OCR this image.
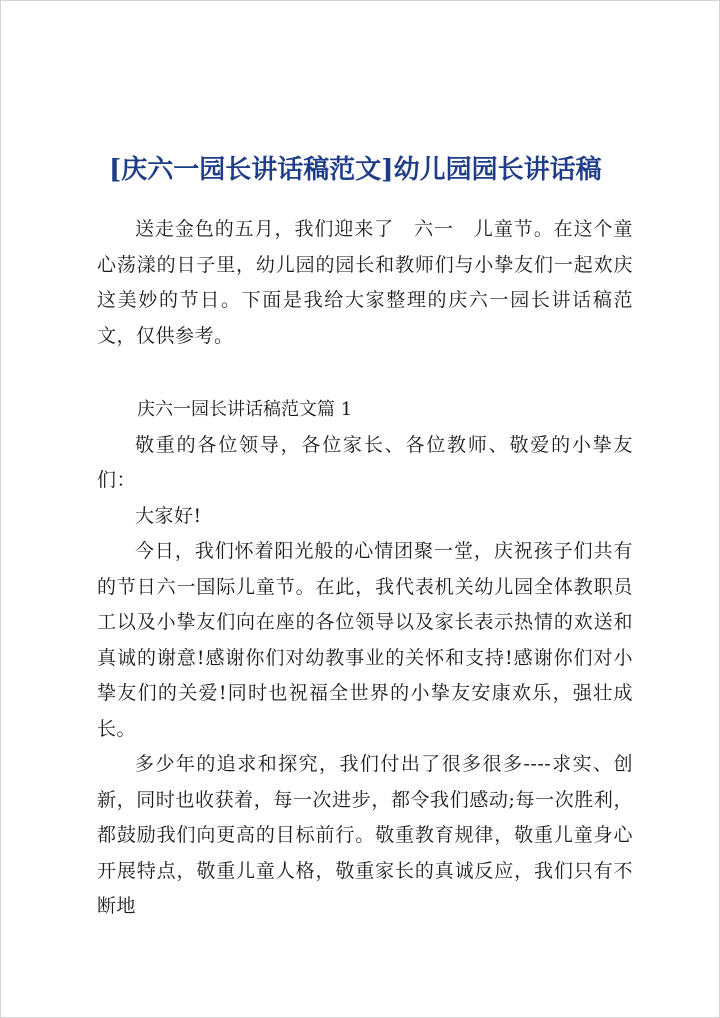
[庆六一园长讲话稿范文]幼儿园园长讲话稿

送走金色的五月，我们迎来了　六一　儿童节。在这个童心荡漾的日子里，幼儿园的园长和教师们与小挚友们一起欢庆这美妙的节日。下面是我给大家整理的庆六一园长讲话稿范文，仅供参考。

庆六一园长讲话稿范文篇 1

敬重的各位领导，各位家长、各位教师、敬爱的小挚友们：

大家好!

今日，我们怀着阳光般的心情团聚一堂，庆祝孩子们共有的节日六一国际儿童节。在此，我代表机关幼儿园全体教职员工以及小挚友们向在座的各位领导以及家长表示热情的欢送和真诚的谢意!感谢你们对幼教事业的关怀和支持!感谢你们对小挚友们的关爱!同时也祝福全世界的小挚友安康欢乐，强壮成长。

多少年的追求和探究，我们付出了很多很多----求实、创新，同时也收获着，每一次进步，都令我们感动;每一次胜利，都鼓励我们向更高的目标前行。敬重教育规律，敬重儿童身心开展特点，敬重儿童人格，敬重家长的真诚反应，我们只有不断地
